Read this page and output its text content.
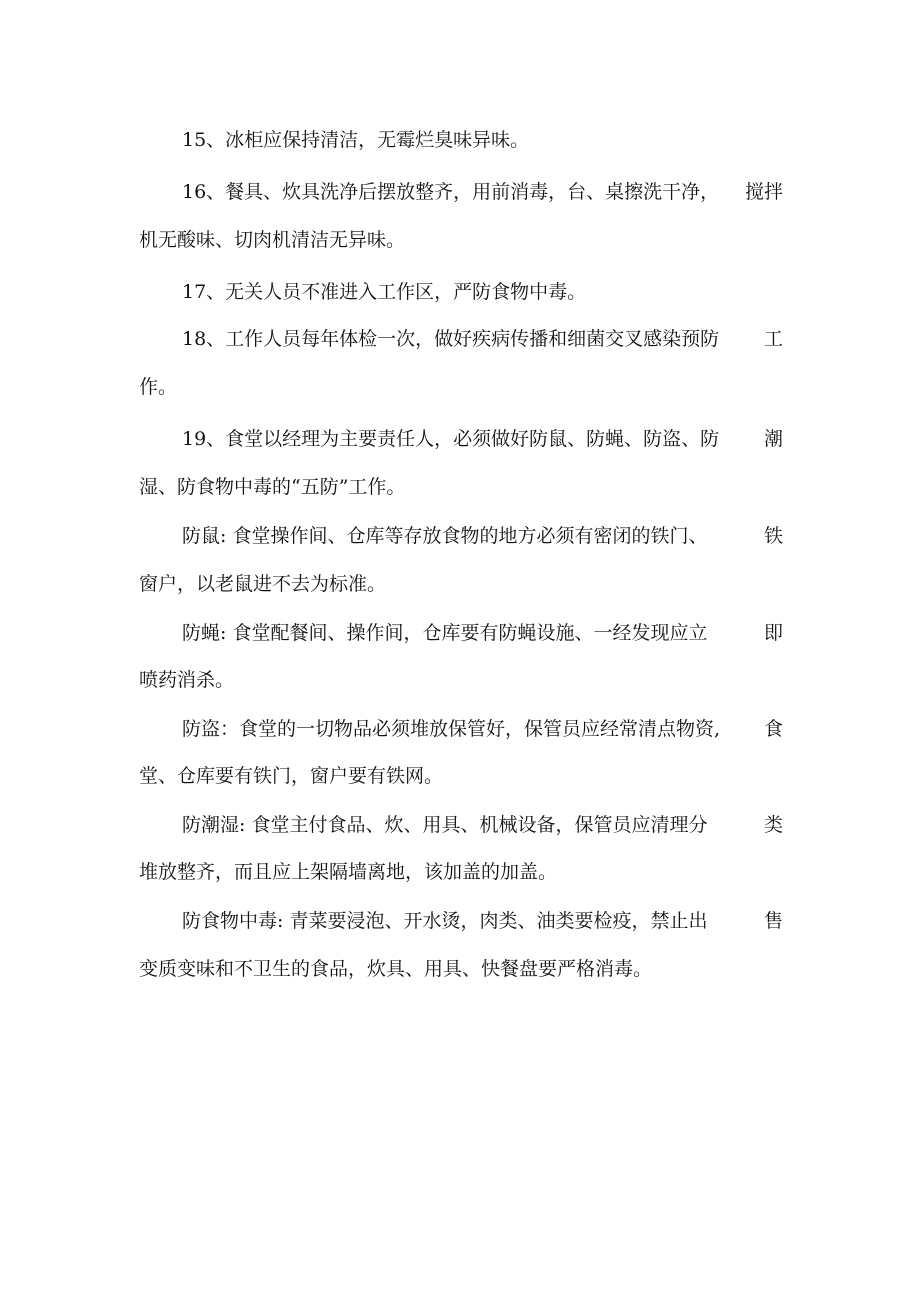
15、冰柜应保持清洁，无霉烂臭味异味。
16、餐具、炊具洗净后摆放整齐，用前消毒，台、桌擦洗干净， 搅拌
机无酸味、切肉机清洁无异味。
17、无关人员不准进入工作区，严防食物中毒。
18、工作人员每年体检一次，做好疾病传播和细菌交叉感染预防 工
作。
19、食堂以经理为主要责任人，必须做好防鼠、防蝇、防盗、防 潮
湿、防食物中毒的“五防”工作。
防鼠: 食堂操作间、仓库等存放食物的地方必须有密闭的铁门、	铁
窗户，以老鼠进不去为标准。
防蝇: 食堂配餐间、操作间，仓库要有防蝇设施、一经发现应立	即
喷药消杀。
防盗：食堂的一切物品必须堆放保管好，保管员应经常清点物资, 食
堂、仓库要有铁门，窗户要有铁网。
防潮湿: 食堂主付食品、炊、用具、机械设备，保管员应清理分	类
堆放整齐，而且应上架隔墙离地，该加盖的加盖。
防食物中毒: 青菜要浸泡、开水烫，肉类、油类要检疫，禁止出	售
变质变味和不卫生的食品，炊具、用具、快餐盘要严格消毒。
